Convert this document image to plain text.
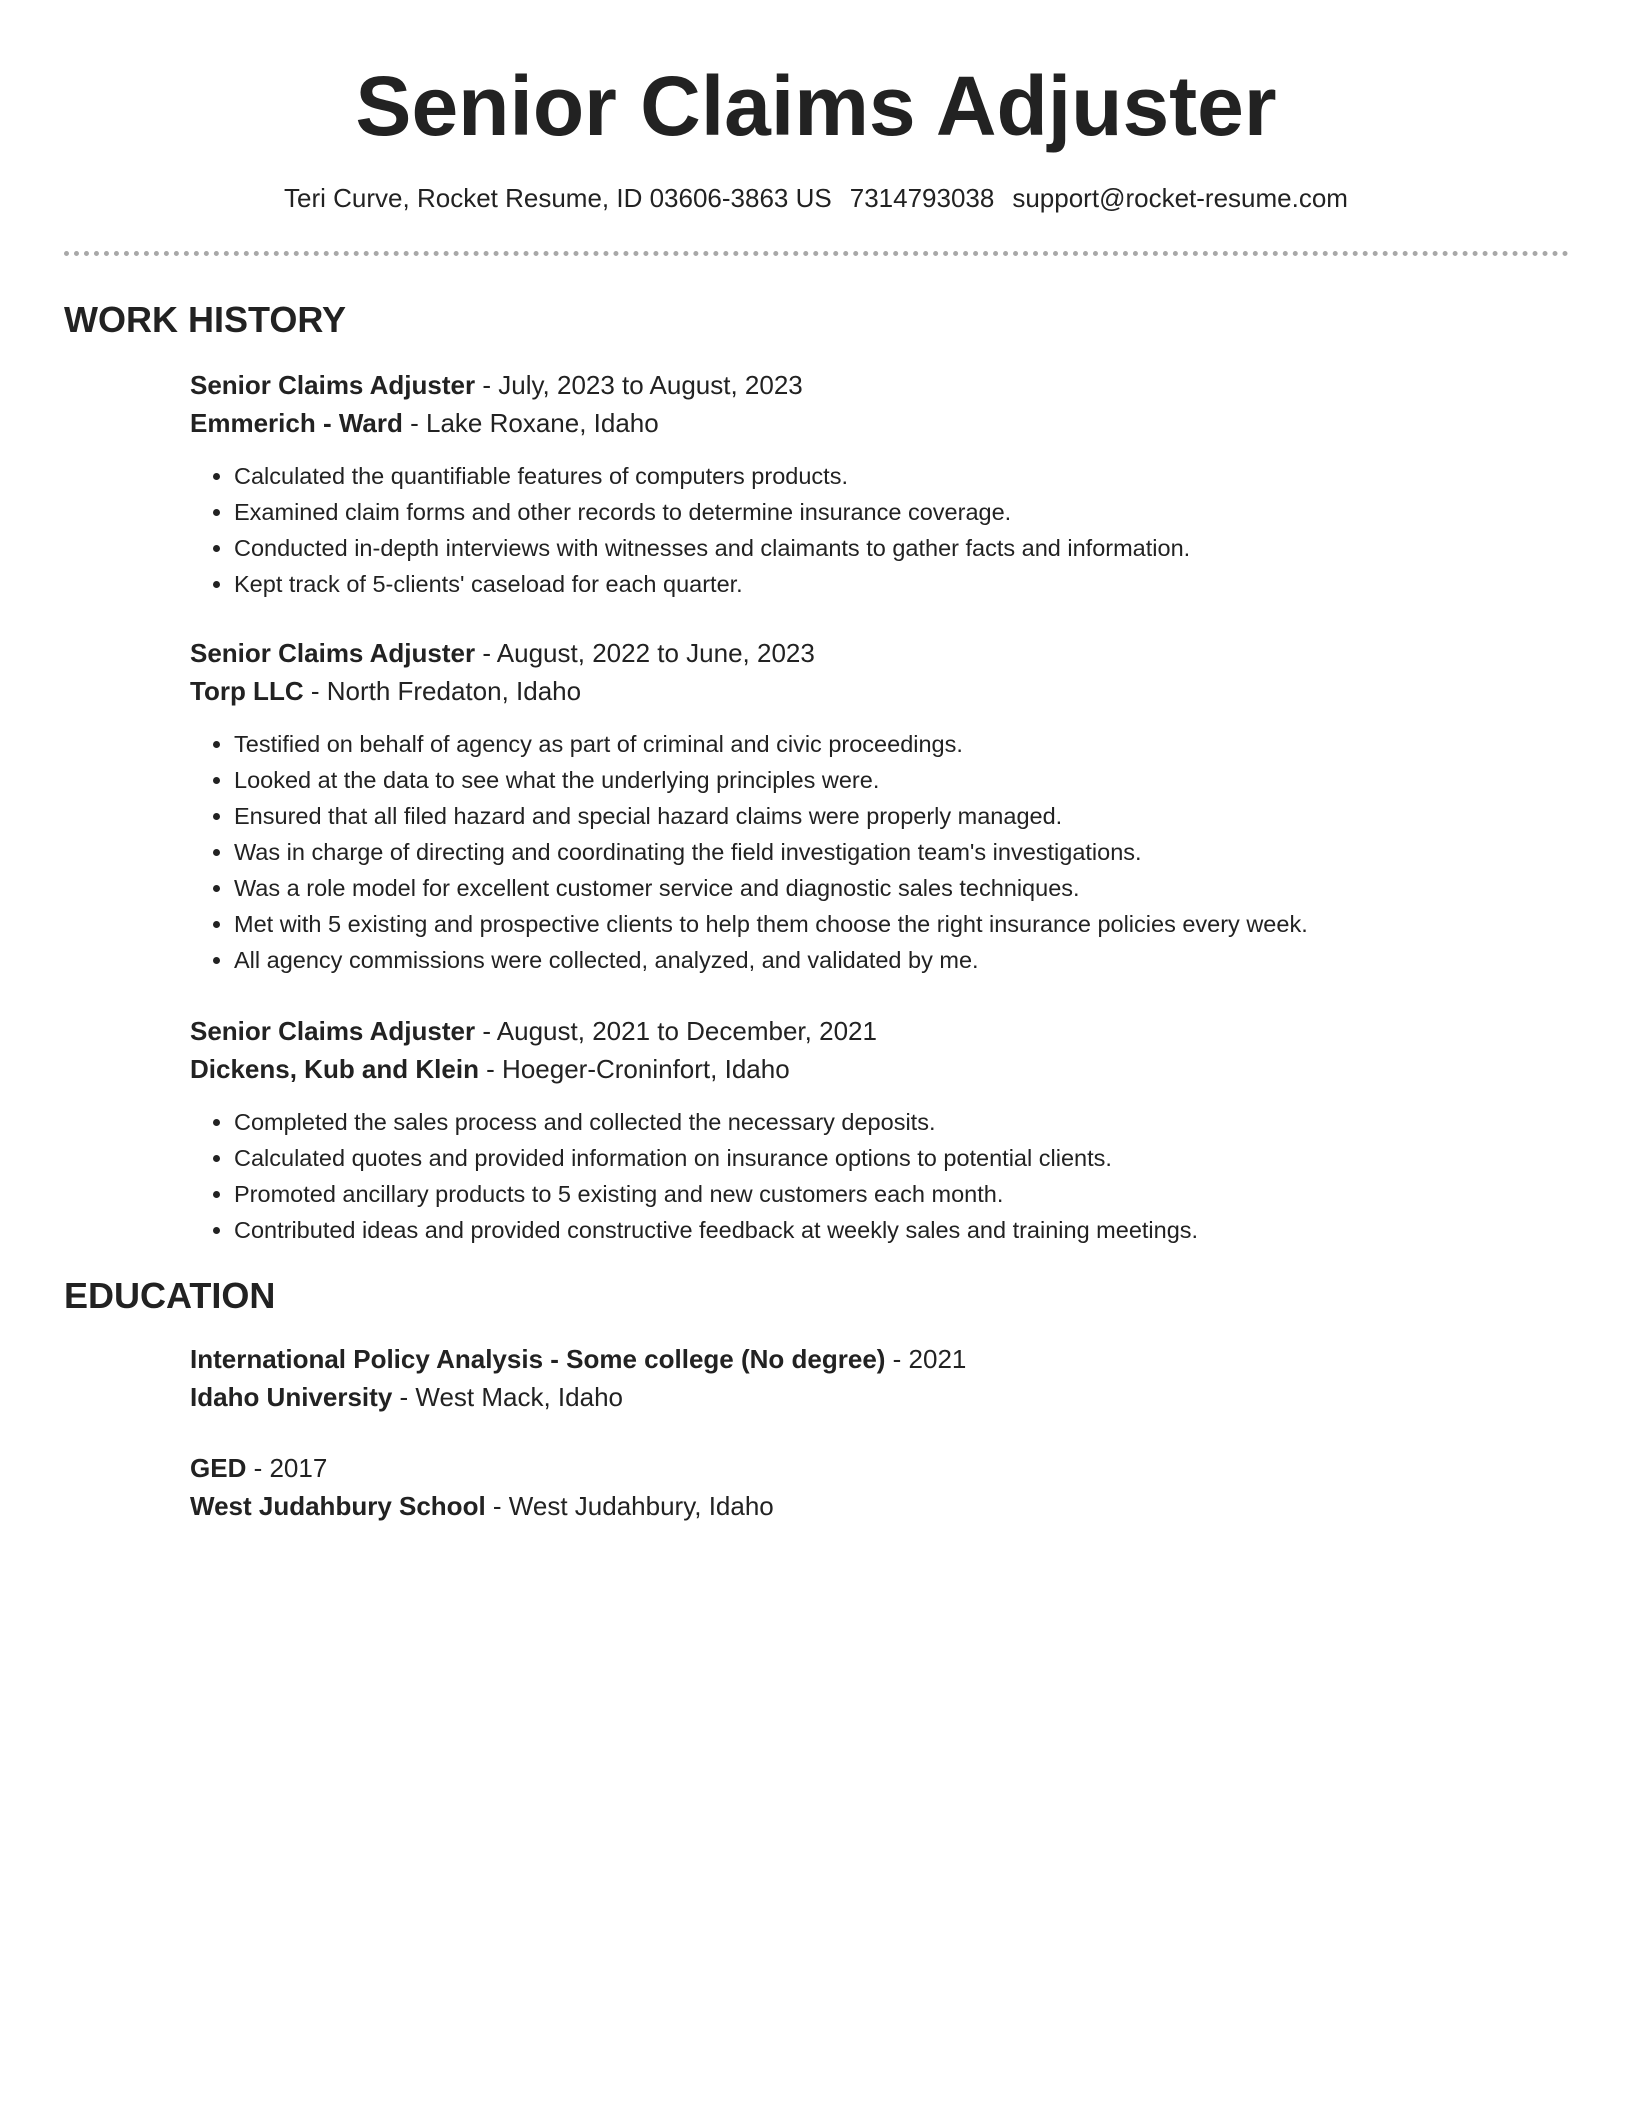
Senior Claims Adjuster
Teri Curve, Rocket Resume, ID 03606-3863 US 7314793038 support@rocket-resume.com
WORK HISTORY
Senior Claims Adjuster - July, 2023 to August, 2023
Emmerich - Ward - Lake Roxane, Idaho
• Calculated the quantifiable features of computers products.
• Examined claim forms and other records to determine insurance coverage.
• Conducted in-depth interviews with witnesses and claimants to gather facts and information.
• Kept track of 5-clients' caseload for each quarter.
Senior Claims Adjuster - August, 2022 to June, 2023
Torp LLC - North Fredaton, Idaho
• Testified on behalf of agency as part of criminal and civic proceedings.
• Looked at the data to see what the underlying principles were.
• Ensured that all filed hazard and special hazard claims were properly managed.
• Was in charge of directing and coordinating the field investigation team's investigations.
• Was a role model for excellent customer service and diagnostic sales techniques.
• Met with 5 existing and prospective clients to help them choose the right insurance policies every week.
• All agency commissions were collected, analyzed, and validated by me.
Senior Claims Adjuster - August, 2021 to December, 2021
Dickens, Kub and Klein - Hoeger-Croninfort, Idaho
• Completed the sales process and collected the necessary deposits.
• Calculated quotes and provided information on insurance options to potential clients.
• Promoted ancillary products to 5 existing and new customers each month.
• Contributed ideas and provided constructive feedback at weekly sales and training meetings.
EDUCATION
International Policy Analysis - Some college (No degree) - 2021
Idaho University - West Mack, Idaho
GED - 2017
West Judahbury School - West Judahbury, Idaho
